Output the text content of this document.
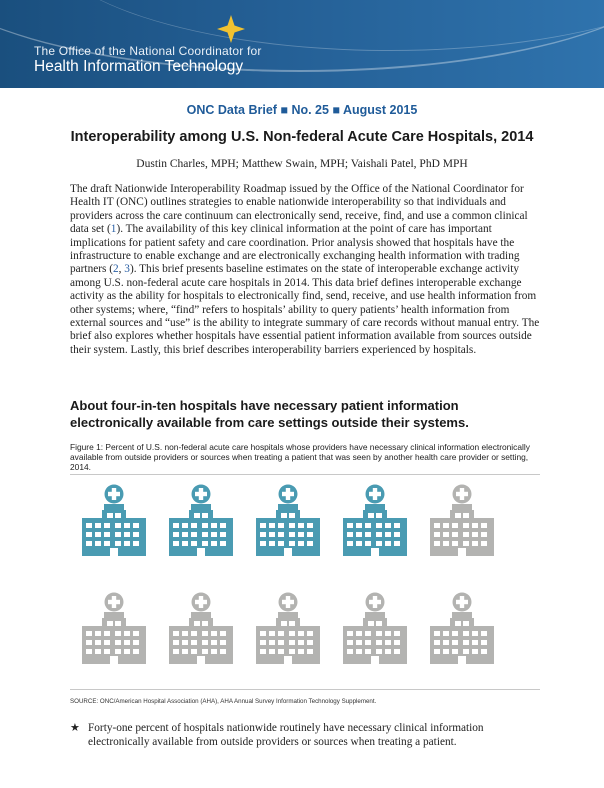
The Office of the National Coordinator for
Health Information Technology
ONC Data Brief ■ No. 25 ■ August 2015
Interoperability among U.S. Non-federal Acute Care Hospitals, 2014
Dustin Charles, MPH; Matthew Swain, MPH; Vaishali Patel, PhD MPH

The draft Nationwide Interoperability Roadmap issued by the Office of the National Coordinator for Health IT (ONC) outlines strategies to enable nationwide interoperability so that individuals and providers across the care continuum can electronically send, receive, find, and use a common clinical data set (1). The availability of this key clinical information at the point of care has important implications for patient safety and care coordination. Prior analysis showed that hospitals have the infrastructure to enable exchange and are electronically exchanging health information with trading partners (2, 3). This brief presents baseline estimates on the state of interoperable exchange activity among U.S. non-federal acute care hospitals in 2014. This data brief defines interoperable exchange activity as the ability for hospitals to electronically find, send, receive, and use health information from other systems; where, “find” refers to hospitals’ ability to query patients’ health information from external sources and “use” is the ability to integrate summary of care records without manual entry. The brief also explores whether hospitals have essential patient information available from sources outside their system. Lastly, this brief describes interoperability barriers experienced by hospitals.

About four-in-ten hospitals have necessary patient information electronically available from care settings outside their systems.
Figure 1: Percent of U.S. non-federal acute care hospitals whose providers have necessary clinical information electronically available from outside providers or sources when treating a patient that was seen by another health care provider or setting, 2014.
SOURCE: ONC/American Hospital Association (AHA), AHA Annual Survey Information Technology Supplement.
★ Forty-one percent of hospitals nationwide routinely have necessary clinical information electronically available from outside providers or sources when treating a patient.
